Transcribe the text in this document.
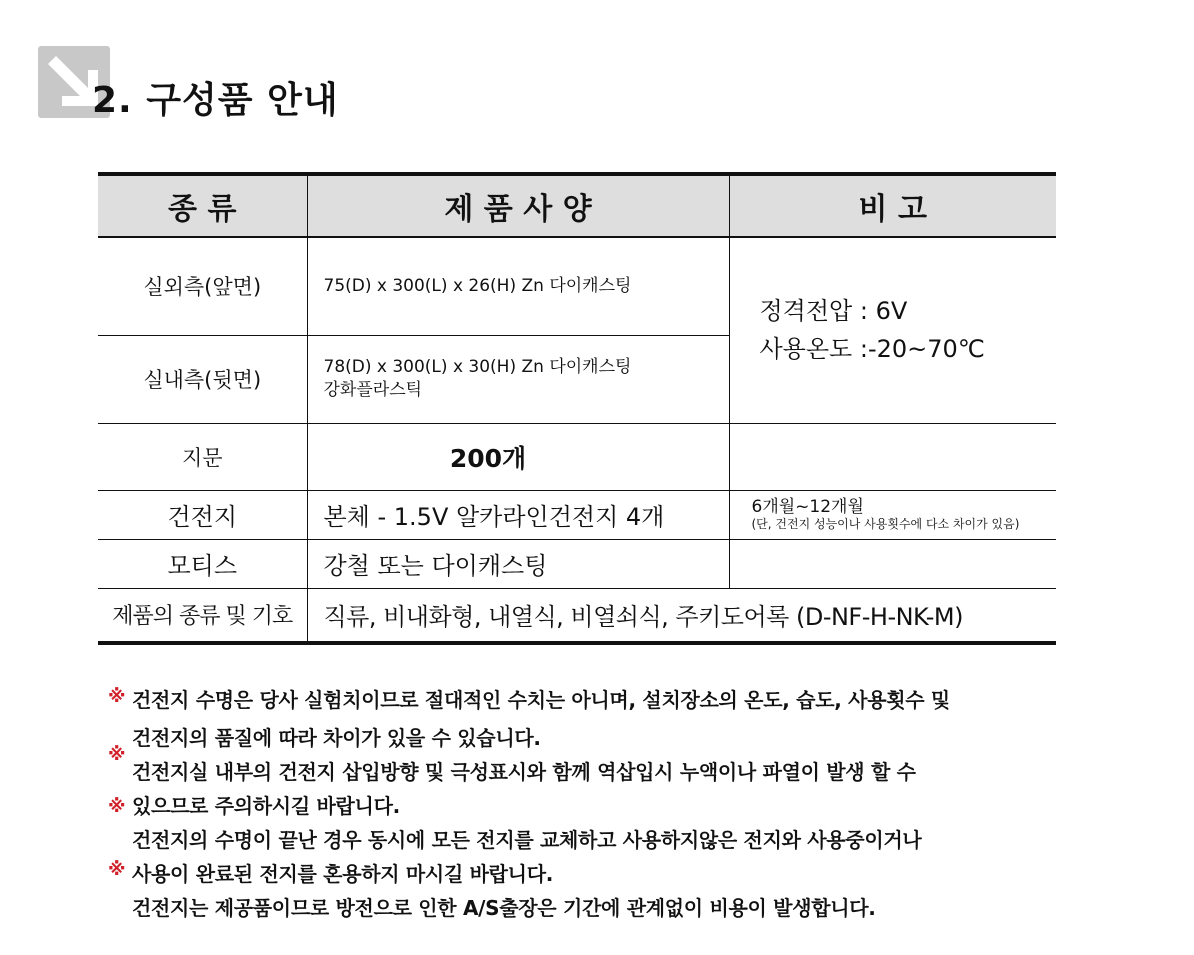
2. 구성품 안내
종 류	제 품 사 양	비 고
실외측(앞면)	75(D) x 300(L) x 26(H) Zn 다이캐스팅	정격전압 : 6V
사용온도 :-20~70℃

실내측(뒷면)	78(D) x 300(L) x 30(H) Zn 다이캐스팅
강화플라스틱	

지문	200개	
건전지	본체 - 1.5V 알카라인건전지 4개	6개월~12개월
(단, 건전지 성능이나 사용횟수에 다소 차이가 있음)

모티스	강철 또는 다이캐스팅	
제품의 종류 및 기호	직류, 비내화형, 내열식, 비열쇠식, 주키도어록 (D-NF-H-NK-M)	
※ 건전지 수명은 당사 실험치이므로 절대적인 수치는 아니며, 설치장소의 온도, 습도, 사용횟수 및
건전지의 품질에 따라 차이가 있을 수 있습니다.
※
건전지실 내부의 건전지 삽입방향 및 극성표시와 함께 역삽입시 누액이나 파열이 발생 할 수
※ 있으므로 주의하시길 바랍니다.
건전지의 수명이 끝난 경우 동시에 모든 전지를 교체하고 사용하지않은 전지와 사용중이거나
※ 사용이 완료된 전지를 혼용하지 마시길 바랍니다.
건전지는 제공품이므로 방전으로 인한 A/S출장은 기간에 관계없이 비용이 발생합니다.
